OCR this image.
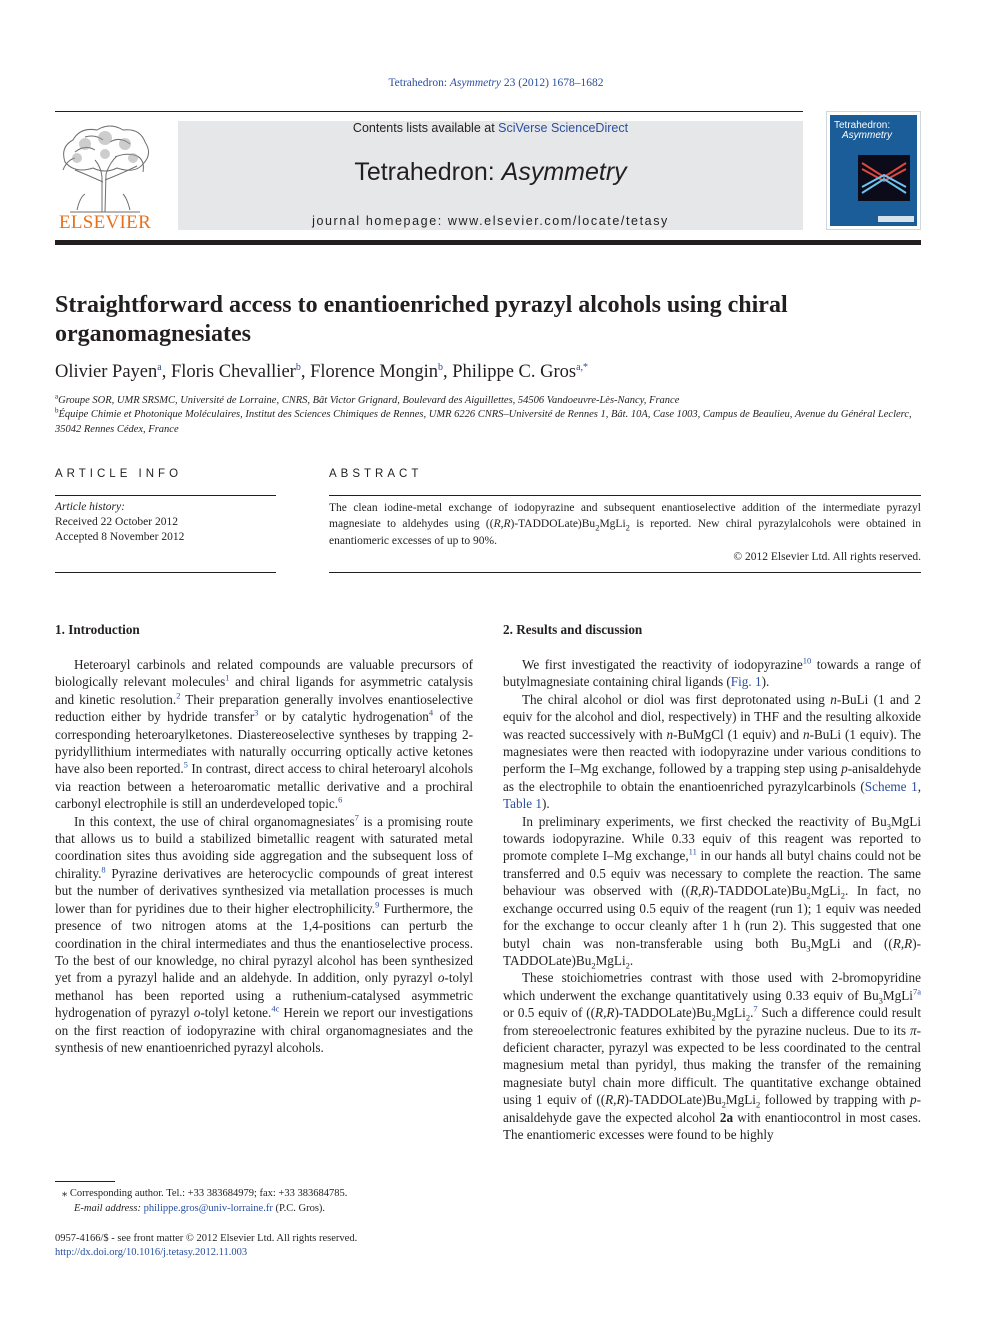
Tetrahedron: Asymmetry 23 (2012) 1678–1682
ELSEVIER
Contents lists available at SciVerse ScienceDirect
Tetrahedron: Asymmetry
journal homepage: www.elsevier.com/locate/tetasy
Tetrahedron:
Asymmetry
Straightforward access to enantioenriched pyrazyl alcohols using chiral organomagnesiates
Olivier Payen$^a$, Floris Chevallier$^b$, Florence Mongin$^b$, Philippe C. Gros$^{a,*}$
$^a$Groupe SOR, UMR SRSMC, Université de Lorraine, CNRS, Bât Victor Grignard, Boulevard des Aiguillettes, 54506 Vandoeuvre-Lès-Nancy, France
$^b$Équipe Chimie et Photonique Moléculaires, Institut des Sciences Chimiques de Rennes, UMR 6226 CNRS–Université de Rennes 1, Bât. 10A, Case 1003, Campus de Beaulieu, Avenue du Général Leclerc, 35042 Rennes Cédex, France
ARTICLE INFO
Article history:
Received 22 October 2012
Accepted 8 November 2012
ABSTRACT
The clean iodine-metal exchange of iodopyrazine and subsequent enantioselective addition of the intermediate pyrazyl magnesiate to aldehydes using $((R,R)-TADDOLate)Bu_2MgLi_2$ is reported. New chiral pyrazylalcohols were obtained in enantiomeric excesses of up to 90%.
© 2012 Elsevier Ltd. All rights reserved.
1. Introduction

Heteroaryl carbinols and related compounds are valuable precursors of biologically relevant molecules$^1$ and chiral ligands for asymmetric catalysis and kinetic resolution.$^2$ Their preparation generally involves enantioselective reduction either by hydride transfer$^3$ or by catalytic hydrogenation$^4$ of the corresponding heteroarylketones. Diastereoselective syntheses by trapping 2-pyridyllithium intermediates with naturally occurring optically active ketones have also been reported.$^5$ In contrast, direct access to chiral heteroaryl alcohols via reaction between a heteroaromatic metallic derivative and a prochiral carbonyl electrophile is still an underdeveloped topic.$^6$

In this context, the use of chiral organomagnesiates$^7$ is a promising route that allows us to build a stabilized bimetallic reagent with saturated metal coordination sites thus avoiding side aggregation and the subsequent loss of chirality.$^8$ Pyrazine derivatives are heterocyclic compounds of great interest but the number of derivatives synthesized via metallation processes is much lower than for pyridines due to their higher electrophilicity.$^9$ Furthermore, the presence of two nitrogen atoms at the 1,4-positions can perturb the coordination in the chiral intermediates and thus the enantioselective process. To the best of our knowledge, no chiral pyrazyl alcohol has been synthesized yet from a pyrazyl halide and an aldehyde. In addition, only pyrazyl o-tolyl methanol has been reported using a ruthenium-catalysed asymmetric hydrogenation of pyrazyl o-tolyl ketone.$^{4c}$ Herein we report our investigations on the first reaction of iodopyrazine with chiral organomagnesiates and the synthesis of new enantioenriched pyrazyl alcohols.

2. Results and discussion

We first investigated the reactivity of iodopyrazine$^{10}$ towards a range of butylmagnesiate containing chiral ligands (Fig. 1).

The chiral alcohol or diol was first deprotonated using n-BuLi (1 and 2 equiv for the alcohol and diol, respectively) in THF and the resulting alkoxide was reacted successively with n-BuMgCl (1 equiv) and n-BuLi (1 equiv). The magnesiates were then reacted with iodopyrazine under various conditions to perform the I–Mg exchange, followed by a trapping step using p-anisaldehyde as the electrophile to obtain the enantioenriched pyrazylcarbinols (Scheme 1, Table 1).

In preliminary experiments, we first checked the reactivity of $Bu_3MgLi$ towards iodopyrazine. While 0.33 equiv of this reagent was reported to promote complete I–Mg exchange,$^{11}$ in our hands all butyl chains could not be transferred and 0.5 equiv was necessary to complete the reaction. The same behaviour was observed with $((R,R)-TADDOLate)Bu_2MgLi_2$. In fact, no exchange occurred using 0.5 equiv of the reagent (run 1); 1 equiv was needed for the exchange to occur cleanly after 1 h (run 2). This suggested that one butyl chain was non-transferable using both $Bu_3MgLi$ and $((R,R)-TADDOLate)Bu_2MgLi_2$.

These stoichiometries contrast with those used with 2-bromopyridine which underwent the exchange quantitatively using 0.33 equiv of $Bu_3MgLi^{7a}$ or 0.5 equiv of $((R,R)-TADDOLate)Bu_2MgLi_2.^7$ Such a difference could result from stereoelectronic features exhibited by the pyrazine nucleus. Due to its π-deficient character, pyrazyl was expected to be less coordinated to the central magnesium metal than pyridyl, thus making the transfer of the remaining magnesiate butyl chain more difficult. The quantitative exchange obtained using 1 equiv of $((R,R)-TADDOLate)Bu_2MgLi_2$ followed by trapping with p-anisaldehyde gave the expected alcohol 2a with enantiocontrol in most cases. The enantiomeric excesses were found to be highly

⁎ Corresponding author. Tel.: +33 383684979; fax: +33 383684785.
E-mail address: philippe.gros@univ-lorraine.fr (P.C. Gros).
0957-4166/$ - see front matter © 2012 Elsevier Ltd. All rights reserved.
http://dx.doi.org/10.1016/j.tetasy.2012.11.003
